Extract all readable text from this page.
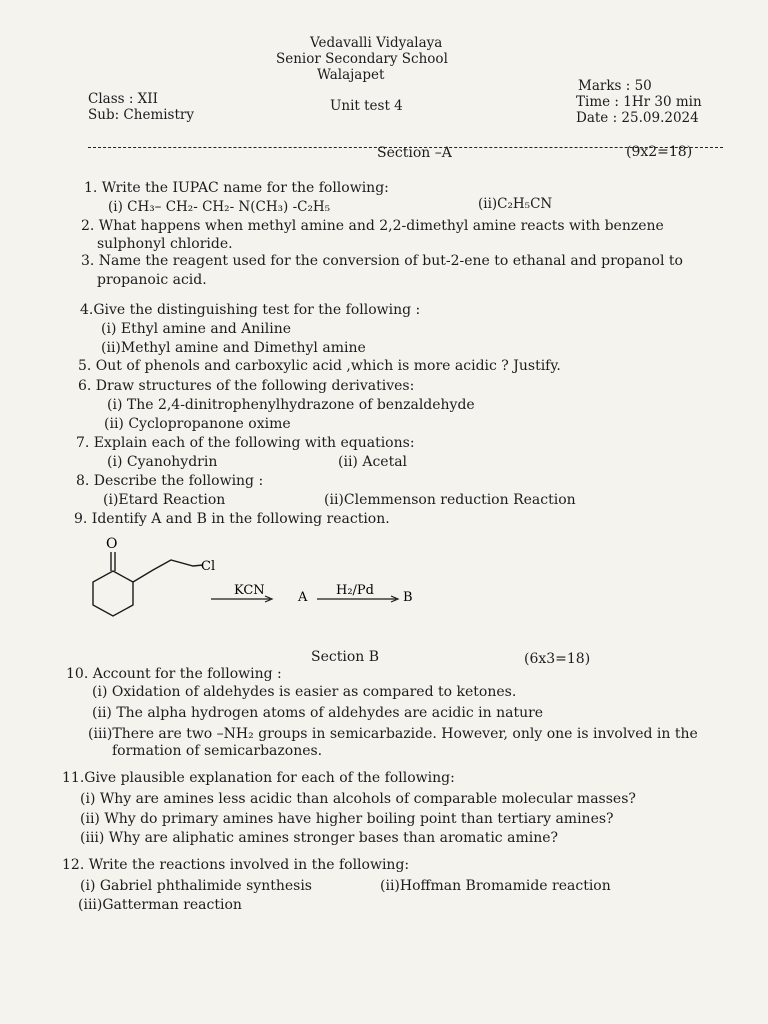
Vedavalli Vidyalaya
Senior Secondary School
Walajapet
Class : XII
Sub: Chemistry
Unit test 4
Marks : 50
Time : 1Hr 30 min
Date : 25.09.2024
Section –A	(9x2=18)
1. Write the IUPAC name for the following:
(i) CH₃– CH₂- CH₂- N(CH₃) -C₂H₅	(ii)C₂H₅CN
2. What happens when methyl amine and 2,2-dimethyl amine reacts with benzene
sulphonyl chloride.
3. Name the reagent used for the conversion of but-2-ene to ethanal and propanol to
propanoic acid.
4.Give the distinguishing test for the following :
(i) Ethyl amine and Aniline
(ii)Methyl amine and Dimethyl amine
5. Out of phenols and carboxylic acid ,which is more acidic ? Justify.
6. Draw structures of the following derivatives:
(i) The 2,4-dinitrophenylhydrazone of benzaldehyde
(ii) Cyclopropanone oxime
7. Explain each of the following with equations:
(i) Cyanohydrin	(ii) Acetal
8. Describe the following :
(i)Etard Reaction	(ii)Clemmenson reduction Reaction
9. Identify A and B in the following reaction.
O
Cl
KCN	A H₂/Pd B
Section B	(6x3=18)
10. Account for the following :
(i) Oxidation of aldehydes is easier as compared to ketones.
(ii) The alpha hydrogen atoms of aldehydes are acidic in nature
(iii)There are two –NH₂ groups in semicarbazide. However, only one is involved in the
formation of semicarbazones.
11.Give plausible explanation for each of the following:
(i) Why are amines less acidic than alcohols of comparable molecular masses?
(ii) Why do primary amines have higher boiling point than tertiary amines?
(iii) Why are aliphatic amines stronger bases than aromatic amine?
12. Write the reactions involved in the following:
(i) Gabriel phthalimide synthesis	(ii)Hoffman Bromamide reaction
(iii)Gatterman reaction
